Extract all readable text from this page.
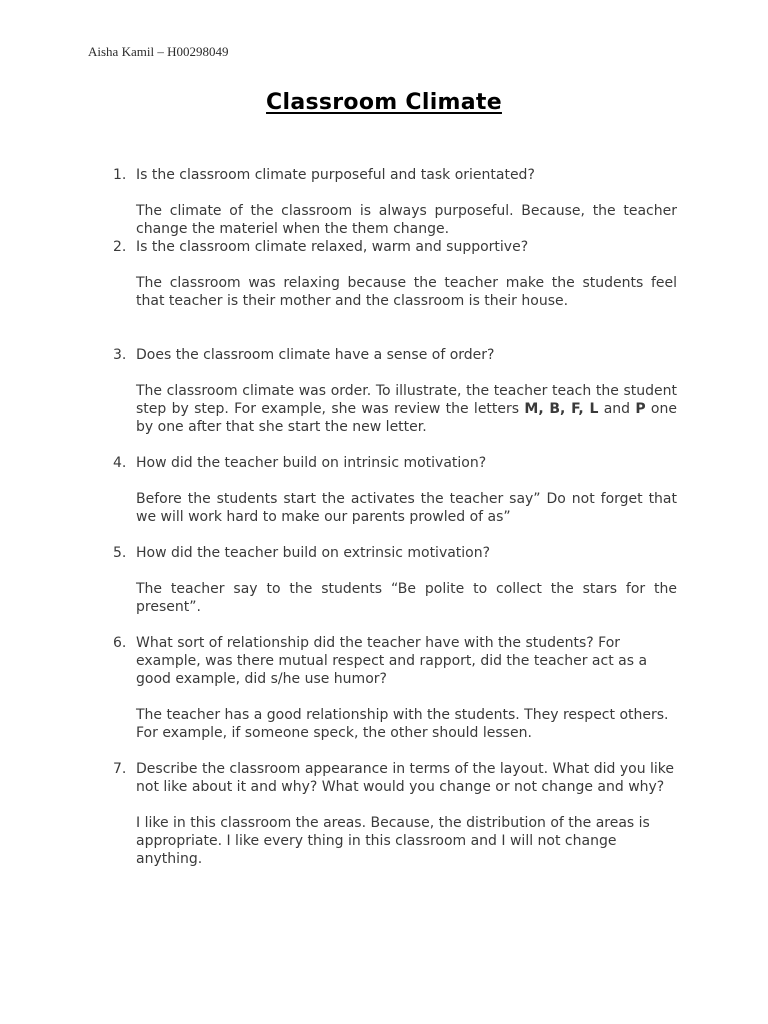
Aisha Kamil – H00298049
Classroom Climate
1. Is the classroom climate purposeful and task orientated?

The climate of the classroom is always purposeful. Because, the teacher change the materiel when the them change.

2. Is the classroom climate relaxed, warm and supportive?

The classroom was relaxing because the teacher make the students feel that teacher is their mother and the classroom is their house.

3. Does the classroom climate have a sense of order?

The classroom climate was order. To illustrate, the teacher teach the student step by step. For example, she was review the letters M, B, F, L and P one by one after that she start the new letter.

4. How did the teacher build on intrinsic motivation?

Before the students start the activates the teacher say” Do not forget that we will work hard to make our parents prowled of as”

5. How did the teacher build on extrinsic motivation?

The teacher say to the students “Be polite to collect the stars for the present”.

6. What sort of relationship did the teacher have with the students? For example, was there mutual respect and rapport, did the teacher act as a good example, did s/he use humor?

The teacher has a good relationship with the students. They respect others. For example, if someone speck, the other should lessen.

7. Describe the classroom appearance in terms of the layout. What did you like not like about it and why? What would you change or not change and why?

I like in this classroom the areas. Because, the distribution of the areas is appropriate. I like every thing in this classroom and I will not change anything.
